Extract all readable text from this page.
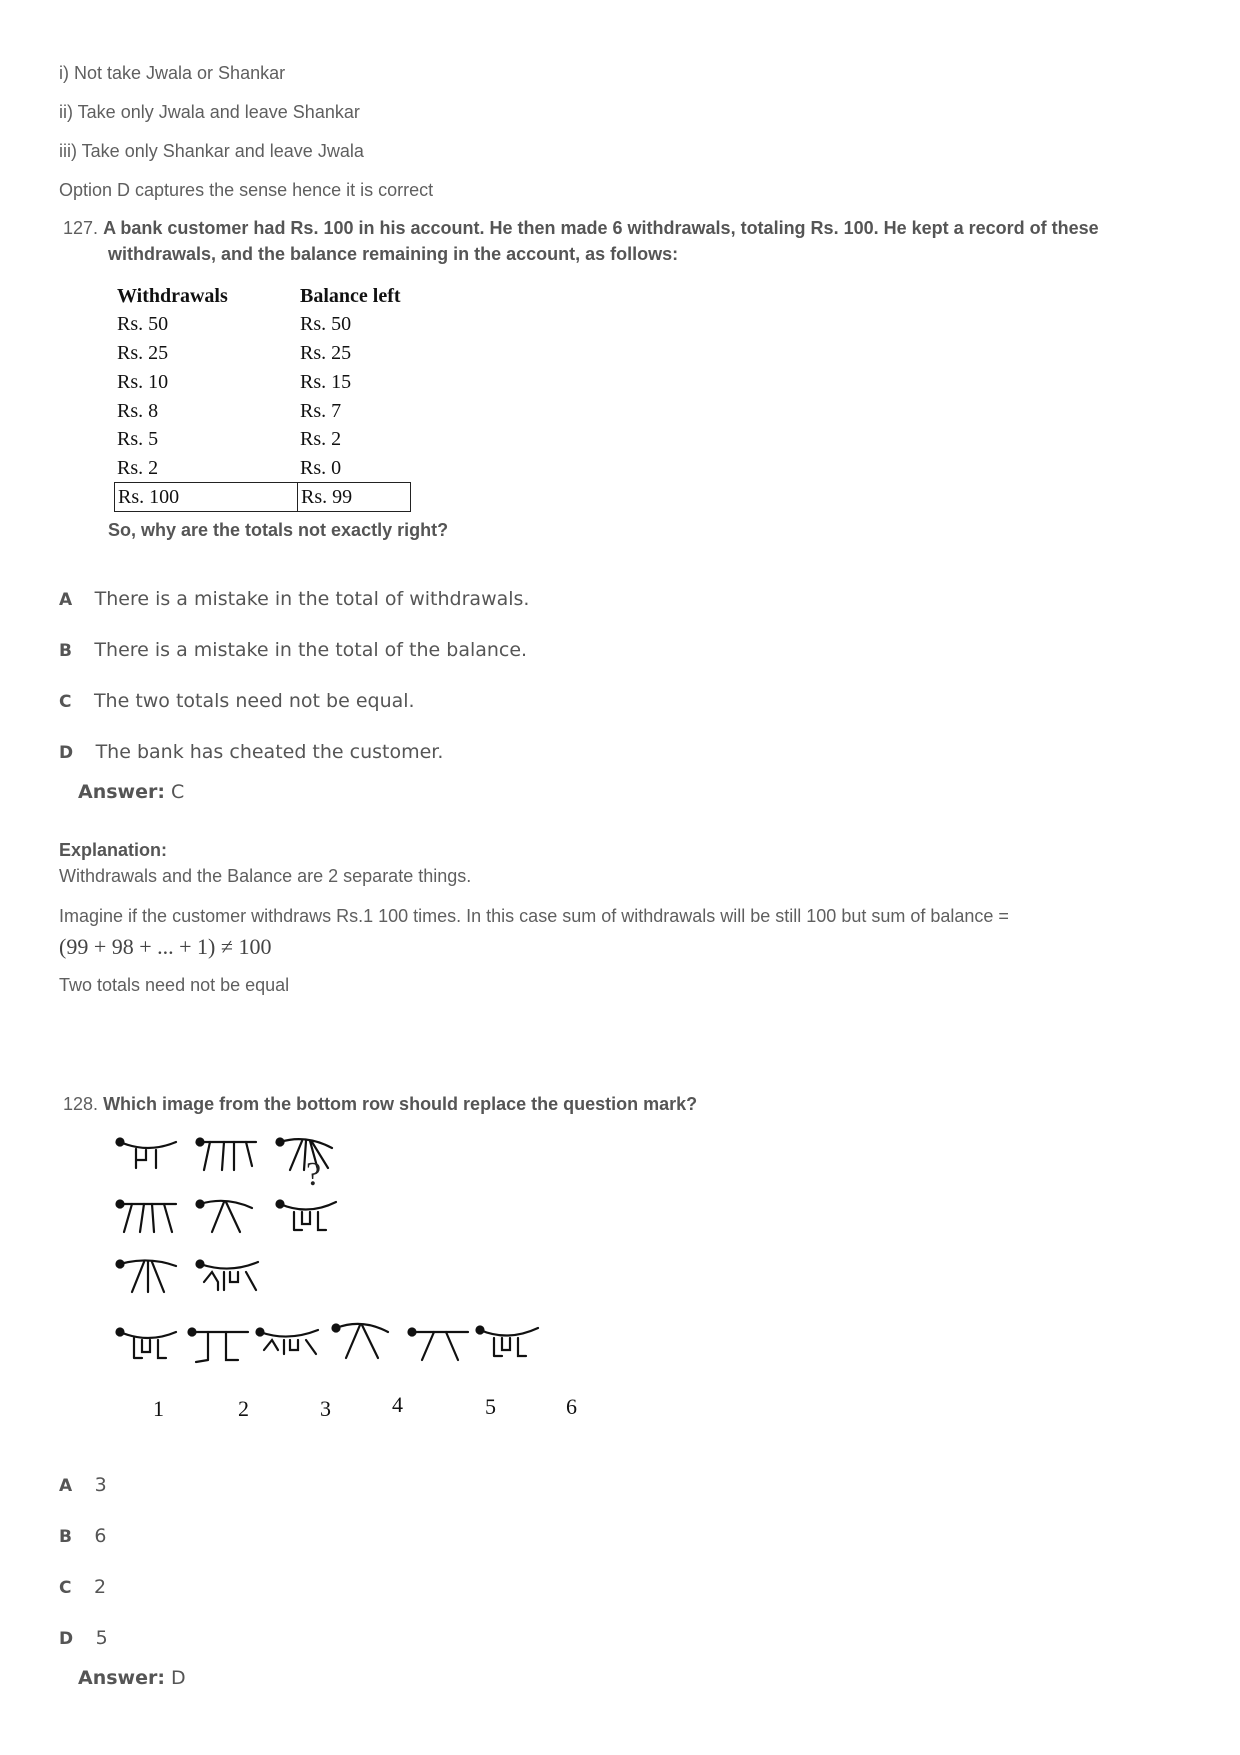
i) Not take Jwala or Shankar
ii) Take only Jwala and leave Shankar
iii) Take only Shankar and leave Jwala
Option D captures the sense hence it is correct
127. A bank customer had Rs. 100 in his account. He then made 6 withdrawals, totaling Rs. 100. He kept a record of these
withdrawals, and the balance remaining in the account, as follows:
Withdrawals	Balance left
Rs. 50	Rs. 50
Rs. 25	Rs. 25
Rs. 10	Rs. 15
Rs. 8	Rs. 7
Rs. 5	Rs. 2
Rs. 2	Rs. 0
Rs. 100	Rs. 99
So, why are the totals not exactly right?
A There is a mistake in the total of withdrawals.
B There is a mistake in the total of the balance.
C The two totals need not be equal.
D The bank has cheated the customer.
Answer: C
Explanation:
Withdrawals and the Balance are 2 separate things.
Imagine if the customer withdraws Rs.1 100 times. In this case sum of withdrawals will be still 100 but sum of balance =
(99 + 98 + ... + 1) ≠ 100
Two totals need not be equal
128. Which image from the bottom row should replace the question mark?
?
1	2	3	4	5	6
A 3
B 6
C 2
D 5
Answer: D
